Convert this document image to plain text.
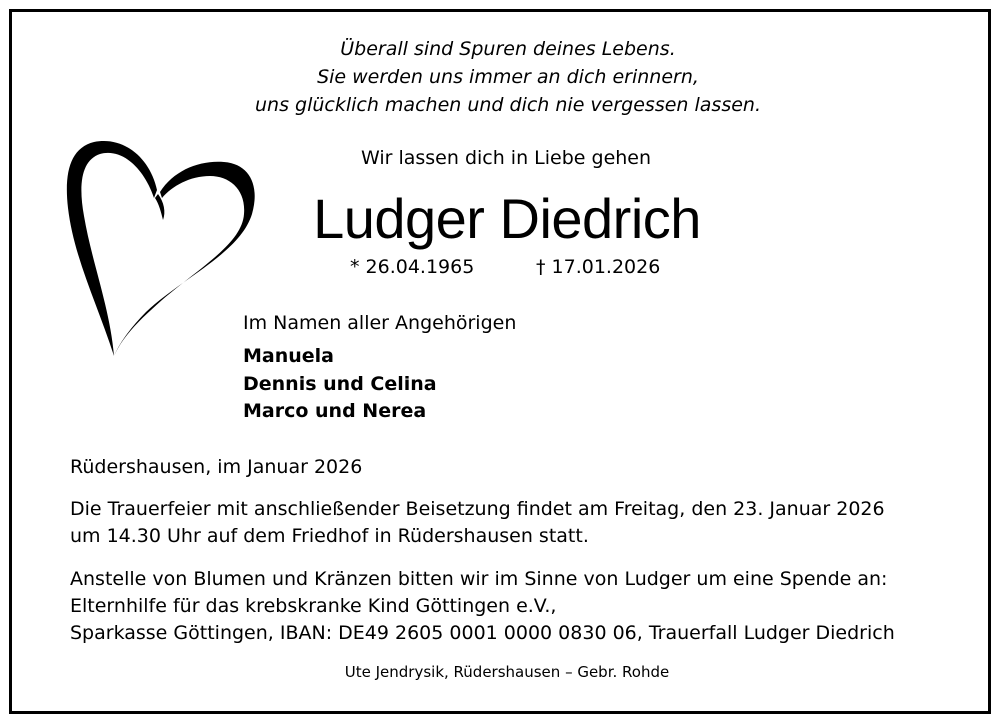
Überall sind Spuren deines Lebens.
Sie werden uns immer an dich erinnern,
uns glücklich machen und dich nie vergessen lassen.
Wir lassen dich in Liebe gehen
Ludger Diedrich
* 26.04.1965	† 17.01.2026
Im Namen aller Angehörigen
Manuela
Dennis und Celina
Marco und Nerea
Rüdershausen, im Januar 2026
Die Trauerfeier mit anschließender Beisetzung findet am Freitag, den 23. Januar 2026
um 14.30 Uhr auf dem Friedhof in Rüdershausen statt.
Anstelle von Blumen und Kränzen bitten wir im Sinne von Ludger um eine Spende an:
Elternhilfe für das krebskranke Kind Göttingen e.V.,
Sparkasse Göttingen, IBAN: DE49 2605 0001 0000 0830 06, Trauerfall Ludger Diedrich
Ute Jendrysik, Rüdershausen – Gebr. Rohde
